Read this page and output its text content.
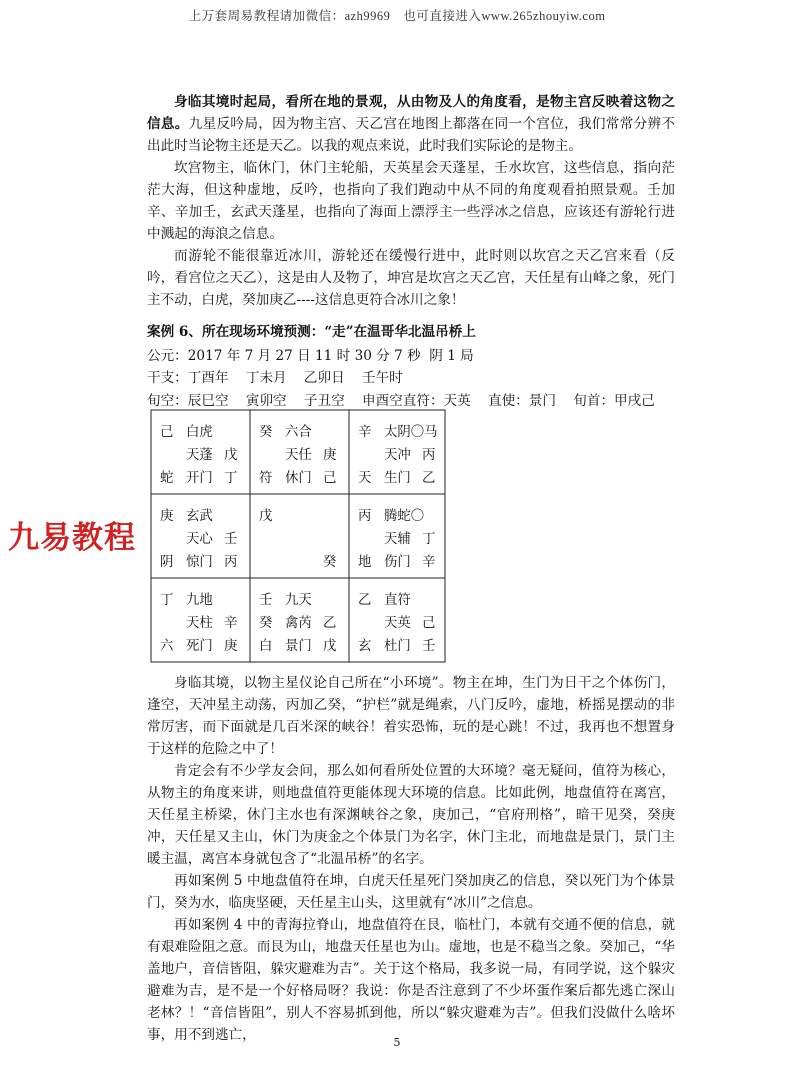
上万套周易教程请加微信：azh9969　也可直接进入www.265zhouyiw.com

身临其境时起局，看所在地的景观，从由物及人的角度看，是物主宫反映着这物之信息。九星反吟局，因为物主宫、天乙宫在地图上都落在同一个宫位，我们常常分辨不出此时当论物主还是天乙。以我的观点来说，此时我们实际论的是物主。

坎宫物主，临休门，休门主轮船，天英星会天蓬星，壬水坎宫，这些信息，指向茫茫大海，但这种虚地，反吟，也指向了我们跑动中从不同的角度观看拍照景观。壬加辛、辛加壬，玄武天蓬星，也指向了海面上漂浮主一些浮冰之信息，应该还有游轮行进中溅起的海浪之信息。

而游轮不能很靠近冰川，游轮还在缓慢行进中，此时则以坎宫之天乙宫来看（反吟，看宫位之天乙），这是由人及物了，坤宫是坎宫之天乙宫，天任星有山峰之象，死门主不动，白虎，癸加庚乙----这信息更符合冰川之象！

案例 6、所在现场环境预测：“走”在温哥华北温吊桥上
公元：2017 年 7 月 27 日 11 时 30 分 7 秒  阴 1 局
干支：丁酉年    丁未月    乙卯日    壬午时
旬空：辰巳空    寅卯空    子丑空    申酉空直符：天英    直使：景门    旬首：甲戌己
己 白虎
天蓬 戊
蛇 开门 丁
癸 六合
天任 庚
符 休门 己
辛 太阴〇马
天冲 丙
天 生门 乙
庚 玄武
天心 壬
阴 惊门 丙
戊
癸
丙 腾蛇〇
天辅 丁
地 伤门 辛
丁 九地
天柱 辛
六 死门 庚
壬 九天
癸 禽芮 乙
白 景门 戊
乙 直符
天英 己
玄 杜门 壬
九易教程

身临其境，以物主星仪论自己所在“小环境”。物主在坤，生门为日干之个体伤门，逢空，天冲星主动荡，丙加乙癸，“护栏”就是绳索，八门反吟，虚地，桥摇晃摆动的非常厉害，而下面就是几百米深的峡谷！着实恐怖，玩的是心跳！不过，我再也不想置身于这样的危险之中了！

肯定会有不少学友会问，那么如何看所处位置的大环境？毫无疑问，值符为核心，从物主的角度来讲，则地盘值符更能体现大环境的信息。比如此例，地盘值符在离宫，天任星主桥梁，休门主水也有深渊峡谷之象，庚加己，“官府刑格”，暗干见癸，癸庚冲，天任星又主山，休门为庚金之个体景门为名字，休门主北，而地盘是景门，景门主暖主温，离宫本身就包含了“北温吊桥”的名字。

再如案例 5 中地盘值符在坤，白虎天任星死门癸加庚乙的信息，癸以死门为个体景门，癸为水，临庚坚硬，天任星主山头，这里就有“冰川”之信息。

再如案例 4 中的青海拉脊山，地盘值符在艮，临杜门，本就有交通不便的信息，就有艰难险阻之意。而艮为山，地盘天任星也为山。虚地，也是不稳当之象。癸加己，“华盖地户，音信皆阻，躲灾避难为吉”。关于这个格局，我多说一局，有同学说，这个躲灾避难为吉，是不是一个好格局呀？我说：你是否注意到了不少坏蛋作案后都先逃亡深山老林？！“音信皆阻”，别人不容易抓到他，所以“躲灾避难为吉”。但我们没做什么啥坏事，用不到逃亡，	5
